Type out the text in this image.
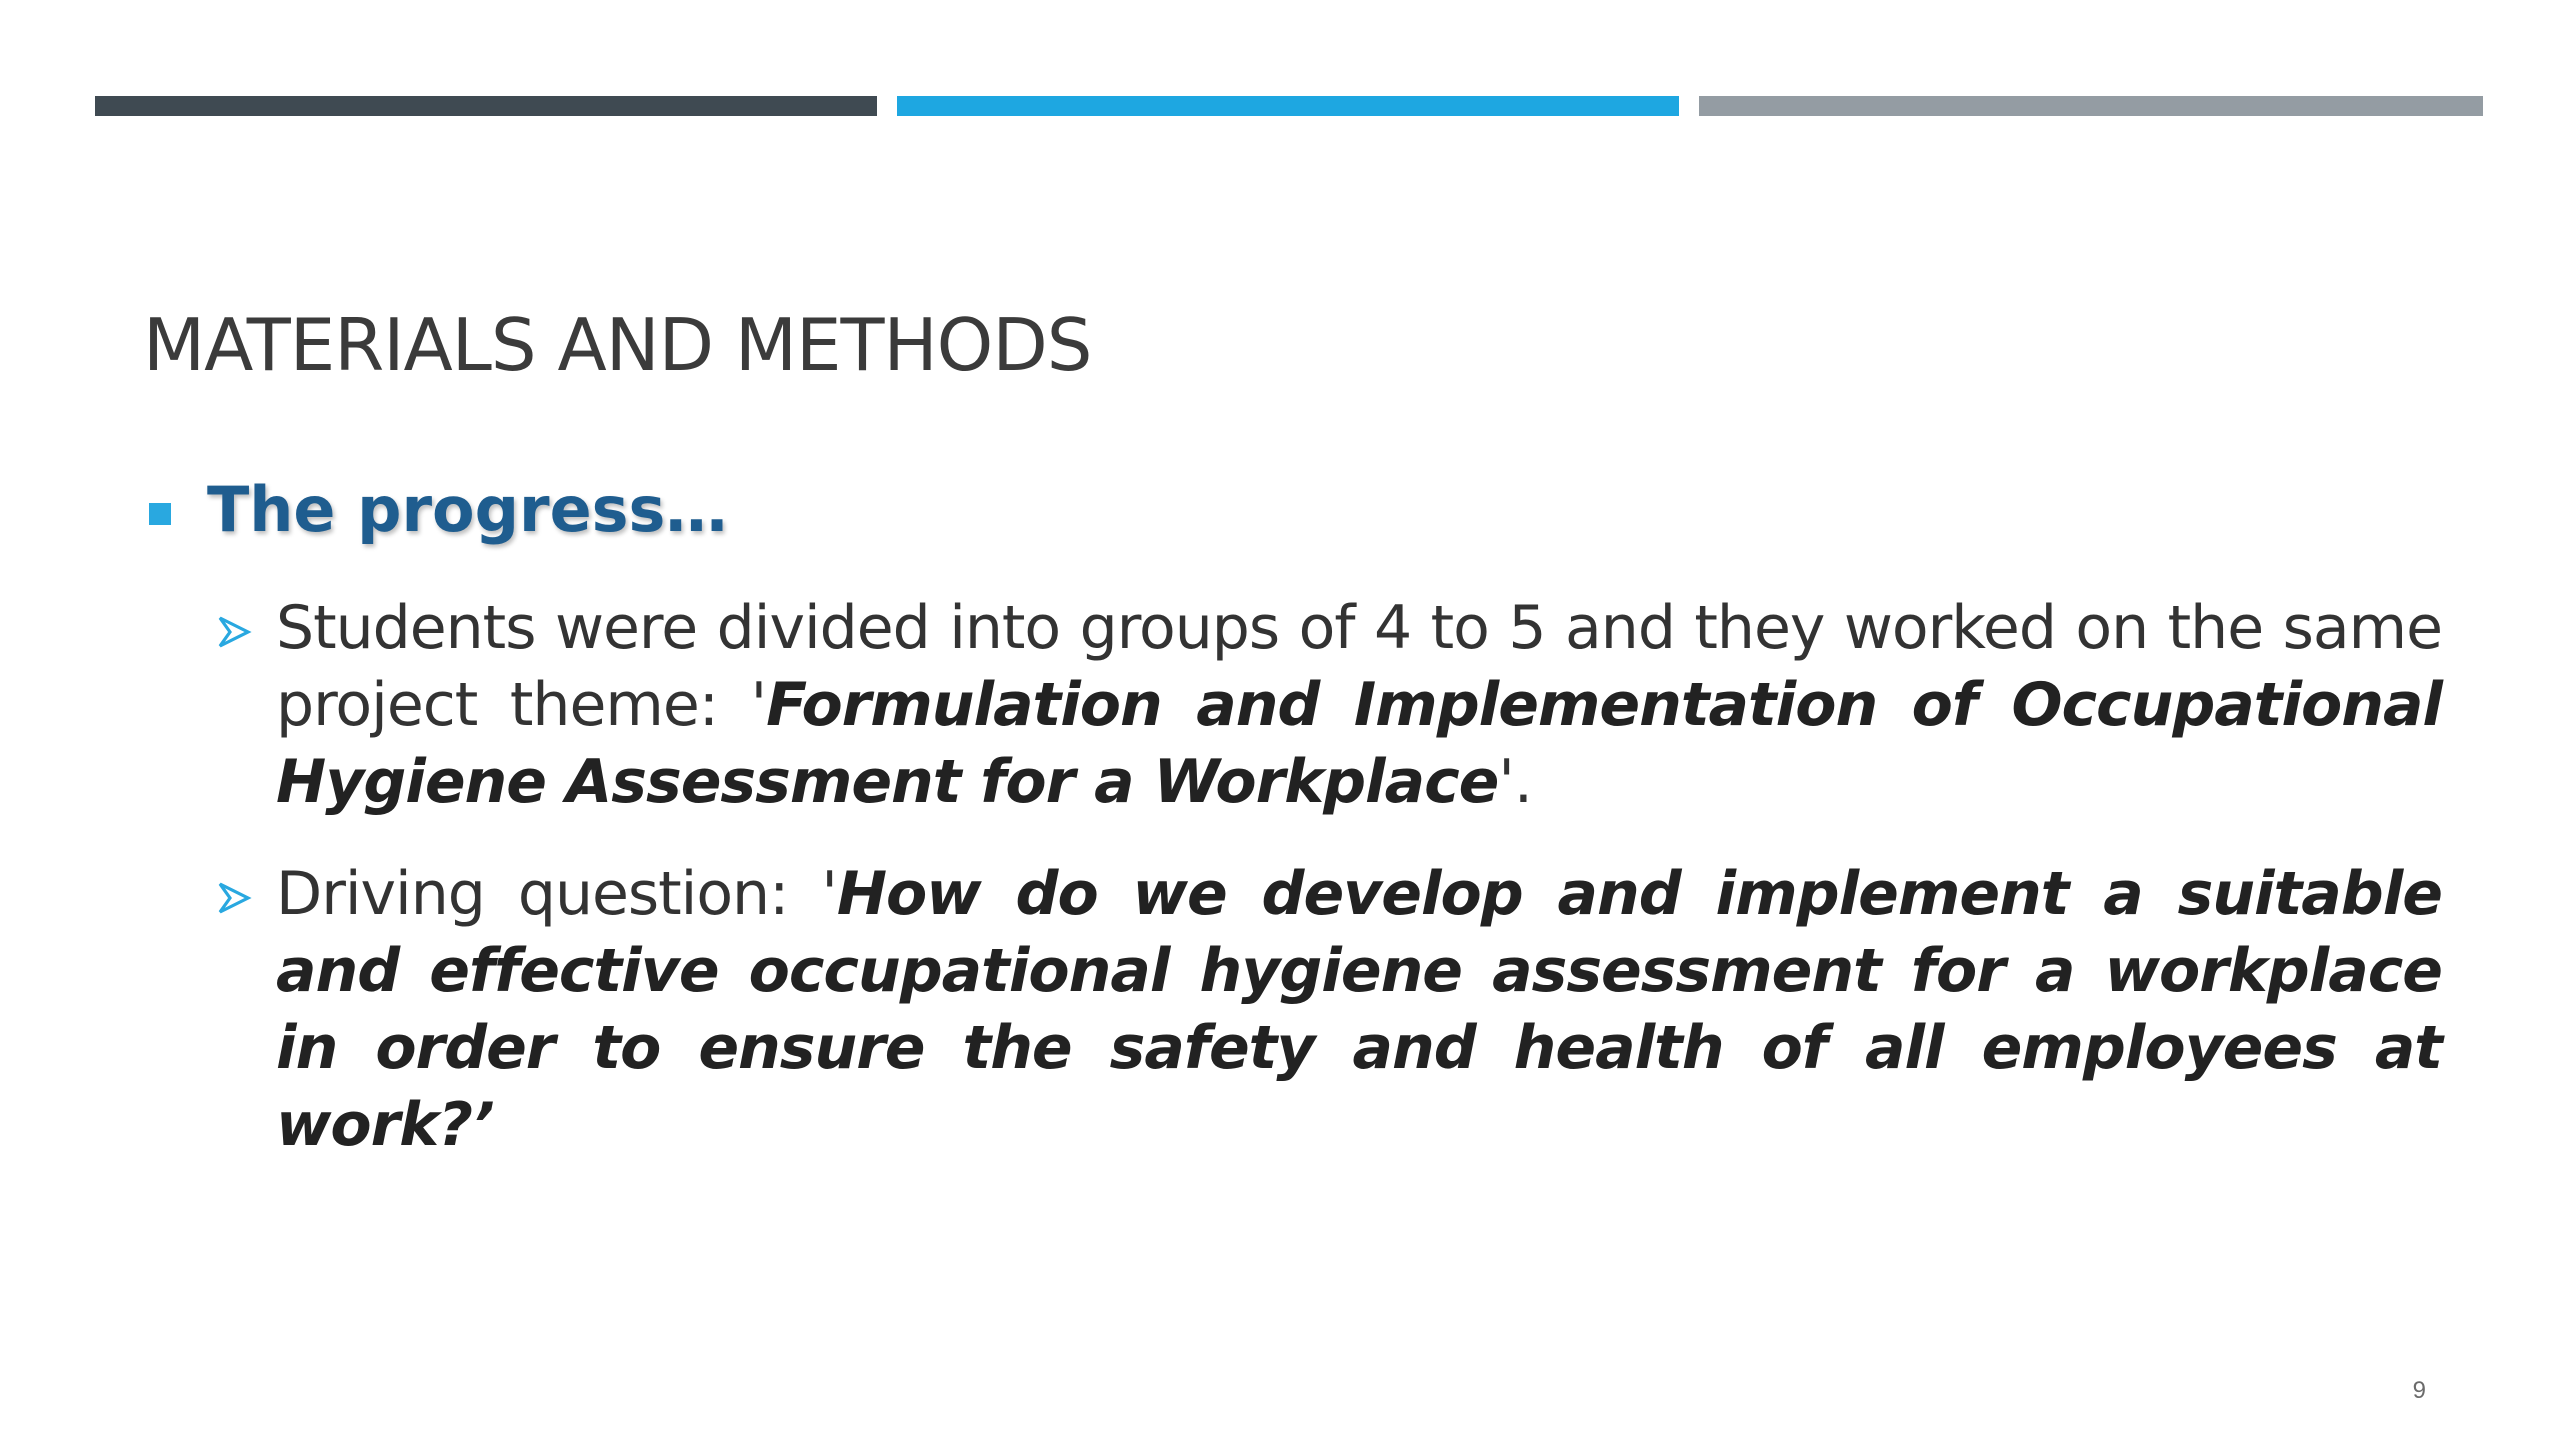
MATERIALS AND METHODS
The progress…

Students were divided into groups of 4 to 5 and they worked on the same project theme: 'Formulation and Implementation of Occupational Hygiene Assessment for a Workplace'.

Driving question: 'How do we develop and implement a suitable and effective occupational hygiene assessment for a workplace in order to ensure the safety and health of all employees at work?’

9
